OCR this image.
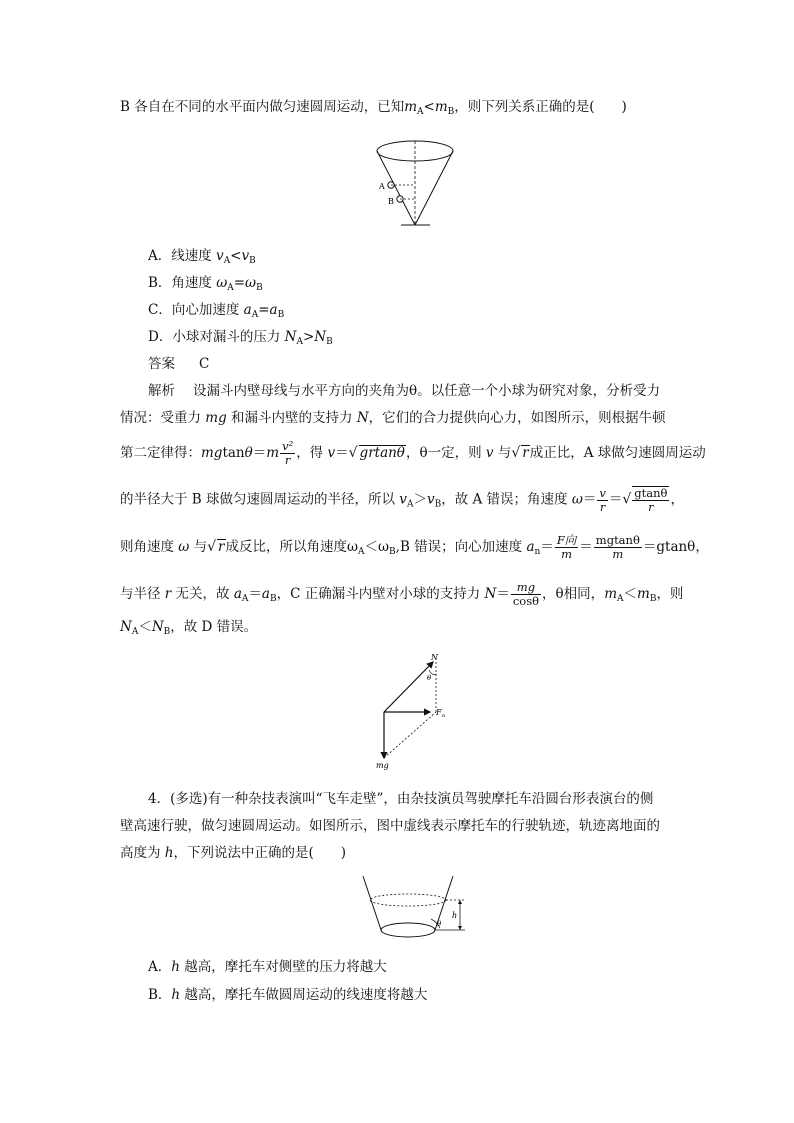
B 各自在不同的水平面内做匀速圆周运动，已知$m_A<m_B$，则下列关系正确的是(　　)
A
B
A．线速度 $v_A<v_B$
B．角速度 $\omega_A=\omega_B$
C．向心加速度 $a_A=a_B$
D．小球对漏斗的压力 $N_A>N_B$
答案 C
解析 设漏斗内壁母线与水平方向的夹角为θ。以任意一个小球为研究对象，分析受力
情况：受重力 mg 和漏斗内壁的支持力 N，它们的合力提供向心力，如图所示，则根据牛顿
第二定律得：$mgtan\theta=m \frac{\text{v²}}{r}$ ，得 v＝√ grtanθ，θ一定，则 v 与√ r成正比，A 球做匀速圆周运动
的半径大于 B 球做匀速圆周运动的半径，所以 $v_A>v_B$，故 A 错误；角速度 $\omega= \frac{v}{r}$ ＝√ $\frac{gtan\theta}{r}$ ，
则角速度 ω 与√ r成反比，所以角速度$\omega_A<\omega_B,B$ 错误；向心加速度 $a_n= \frac{\text{F向}}{m} = \frac{mgtan\theta}{m} =gtan\theta$，
与半径 r 无关，故 $a_A=a_B$，C 正确漏斗内壁对小球的支持力 $N= \frac{mg}{\cos\theta}$ ，θ相同，$m_A<m_B$，则
$N_A<N_B$，故 D 错误。
N
θ
F n
mg
4．(多选)有一种杂技表演叫“飞车走壁”，由杂技演员驾驶摩托车沿圆台形表演台的侧
壁高速行驶，做匀速圆周运动。如图所示，图中虚线表示摩托车的行驶轨迹，轨迹离地面的
高度为 h，下列说法中正确的是(　　)
h
θ
A．h 越高，摩托车对侧壁的压力将越大
B．h 越高，摩托车做圆周运动的线速度将越大
